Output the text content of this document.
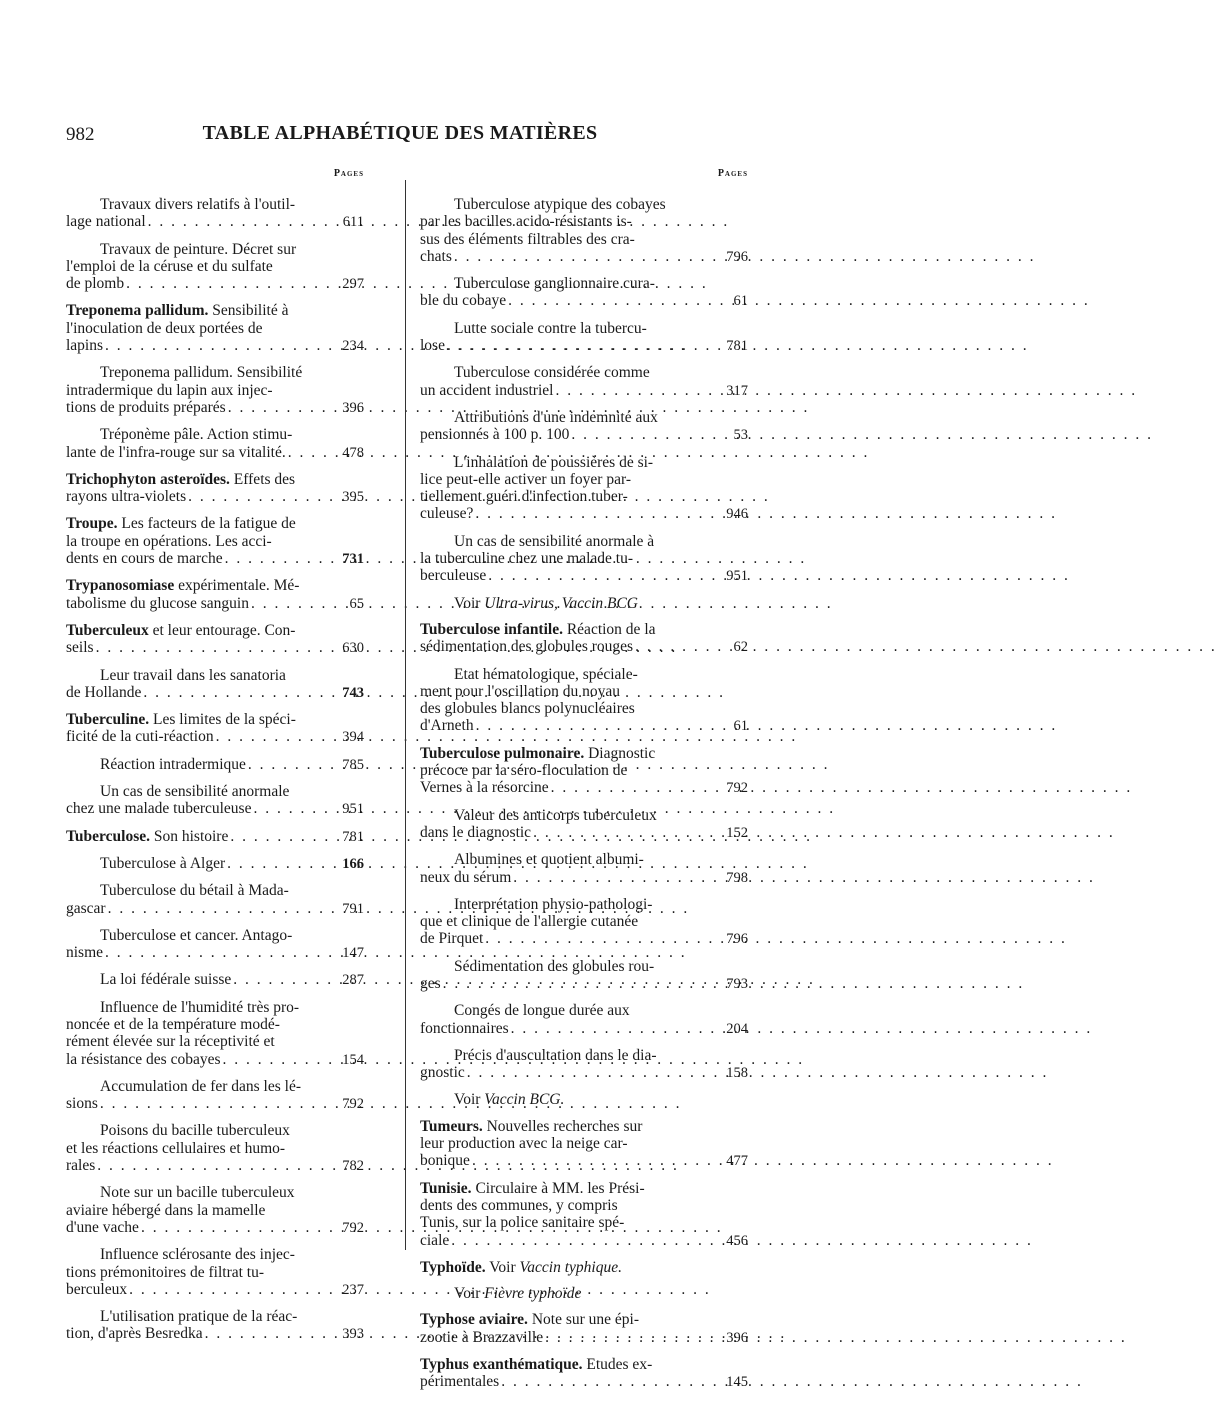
982	TABLE ALPHABÉTIQUE DES MATIÈRES
Pages
Travaux divers relatifs à l'outil-
lage national . . .	611
Travaux de peinture. Décret sur
l'emploi de la céruse et du sulfate
de plomb . . .	297
Treponema pallidum. Sensibilité à
l'inoculation de deux portées de
lapins . . .	234
Treponema pallidum. Sensibilité
intradermique du lapin aux injec-
tions de produits préparés . . .	396
Tréponème pâle. Action stimu-
lante de l'infra-rouge sur sa vitalité. . . .	478
Trichophyton asteroïdes. Effets des
rayons ultra-violets . . .	395
Troupe. Les facteurs de la fatigue de
la troupe en opérations. Les acci-
dents en cours de marche . . .	731
Trypanosomiase expérimentale. Mé-
tabolisme du glucose sanguin . . .	65
Tuberculeux et leur entourage. Con-
seils . . .	630
Leur travail dans les sanatoria
de Hollande . . .	743
Tuberculine. Les limites de la spéci-
ficité de la cuti-réaction . . .	394
Réaction intradermique . . .	785
Un cas de sensibilité anormale
chez une malade tuberculeuse . . .	951
Tuberculose. Son histoire . . .	781
Tuberculose à Alger . . .	166
Tuberculose du bétail à Mada-
gascar . . .	791
Tuberculose et cancer. Antago-
nisme . . .	147
La loi fédérale suisse . . .	287
Influence de l'humidité très pro-
noncée et de la température modé-
rément élevée sur la réceptivité et
la résistance des cobayes . . .	154
Accumulation de fer dans les lé-
sions . . .	792
Poisons du bacille tuberculeux
et les réactions cellulaires et humo-
rales . . .	782
Note sur un bacille tuberculeux
aviaire hébergé dans la mamelle
d'une vache . . .	792
Influence sclérosante des injec-
tions prémonitoires de filtrat tu-
berculeux . . .	237
L'utilisation pratique de la réac-
tion, d'après Besredka . . .	393
Pages
Tuberculose atypique des cobayes
par les bacilles acido-résistants is-
sus des éléments filtrables des cra-
chats . . .	796
Tuberculose ganglionnaire cura-
ble du cobaye . . .	61
Lutte sociale contre la tubercu-
lose . . .	781
Tuberculose considérée comme
un accident industriel . . .	317
Attributions d'une indemnité aux
pensionnés à 100 p. 100 . . .	53
L'inhalation de poussières de si-
lice peut-elle activer un foyer par-
tiellement guéri d'infection tuber-
culeuse? . . .	946
Un cas de sensibilité anormale à
la tuberculine chez une malade tu-
berculeuse . . .	951
Voir Ultra-virus, Vaccin BCG
Tuberculose infantile. Réaction de la
sédimentation des globules rouges . . .	62
Etat hématologique, spéciale-
ment pour l'oscillation du noyau
des globules blancs polynucléaires
d'Arneth . . .	61
Tuberculose pulmonaire. Diagnostic
précoce par la séro-floculation de
Vernes à la résorcine . . .	792
Valeur des anticorps tuberculeux
dans le diagnostic . . .	152
Albumines et quotient albumi-
neux du sérum . . .	798
Interprétation physio-pathologi-
que et clinique de l'allergie cutanée
de Pirquet . . .	796
Sédimentation des globules rou-
ges . . .	793
Congés de longue durée aux
fonctionnaires . . .	204
Précis d'auscultation dans le dia-
gnostic . . .	158
Voir Vaccin BCG.
Tumeurs. Nouvelles recherches sur
leur production avec la neige car-
bonique . . .	477
Tunisie. Circulaire à MM. les Prési-
dents des communes, y compris
Tunis, sur la police sanitaire spé-
ciale . . .	456
Typhoïde. Voir Vaccin typhique.
Voir Fièvre typhoïde
Typhose aviaire. Note sur une épi-
zootie à Brazzaville . . .	396
Typhus exanthématique. Etudes ex-
périmentales . . .	145
